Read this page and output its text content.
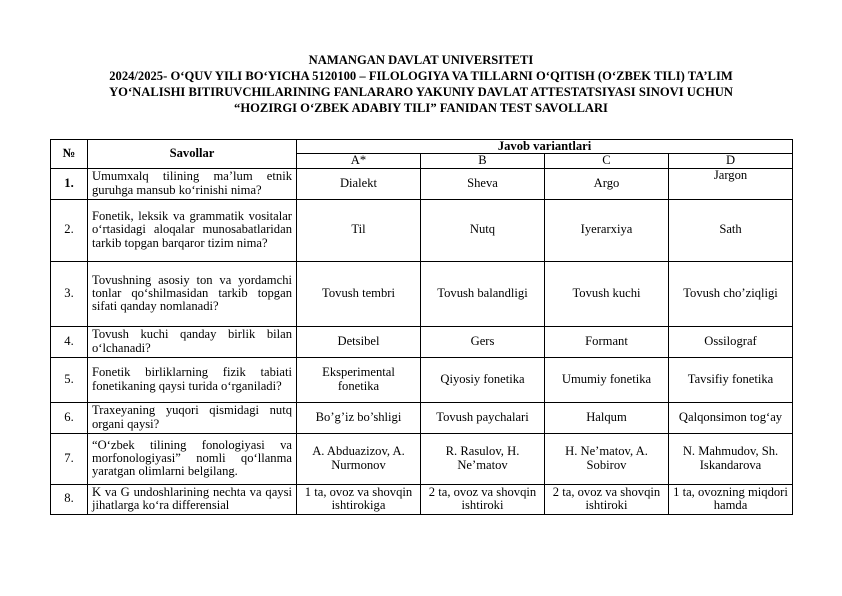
NAMANGAN DAVLAT UNIVERSITETI
2024/2025- O‘QUV YILI BO‘YICHA 5120100 – FILOLOGIYA VA TILLARNI O‘QITISH (O‘ZBEK TILI) TA’LIM
YO‘NALISHI BITIRUVCHILARINING FANLARARO YAKUNIY DAVLAT ATTESTATSIYASI SINOVI UCHUN
“HOZIRGI O‘ZBEK ADABIY TILI” FANIDAN TEST SAVOLLARI
№	Savollar	Javob variantlari			
		A*	B	C	D
1.	Umumxalq tilining ma’lum etnik guruhga mansub ko‘rinishi nima?	Dialekt	Sheva	Argo	Jargon
2.	Fonetik, leksik va grammatik vositalar o‘rtasidagi aloqalar munosabatlaridan tarkib topgan barqaror tizim nima?	Til	Nutq	Iyerarxiya	Sath
3.	Tovushning asosiy ton va yordamchi tonlar qo‘shilmasidan tarkib topgan sifati qanday nomlanadi?	Tovush tembri	Tovush balandligi	Tovush kuchi	Tovush cho’ziqligi
4.	Tovush kuchi qanday birlik bilan o‘lchanadi?	Detsibel	Gers	Formant	Ossilograf
5.	Fonetik birliklarning fizik tabiati fonetikaning qaysi turida o‘rganiladi?	Eksperimental fonetika	Qiyosiy fonetika	Umumiy fonetika	Tavsifiy fonetika
6.	Traxeyaning yuqori qismidagi nutq organi qaysi?	Bo’g’iz bo’shligi	Tovush paychalari	Halqum	Qalqonsimon tog‘ay
7.	“O‘zbek tilining fonologiyasi va morfonologiyasi” nomli qo‘llanma yaratgan olimlarni belgilang.	A. Abduazizov, A. Nurmonov	R. Rasulov, H. Ne’matov	H. Ne’matov, A. Sobirov	N. Mahmudov, Sh. Iskandarova
8.	K va G undoshlarining nechta va qaysi jihatlarga ko‘ra differensial	1 ta, ovoz va shovqin ishtirokiga	2 ta, ovoz va shovqin ishtiroki	2 ta, ovoz va shovqin ishtiroki	1 ta, ovozning miqdori hamda
